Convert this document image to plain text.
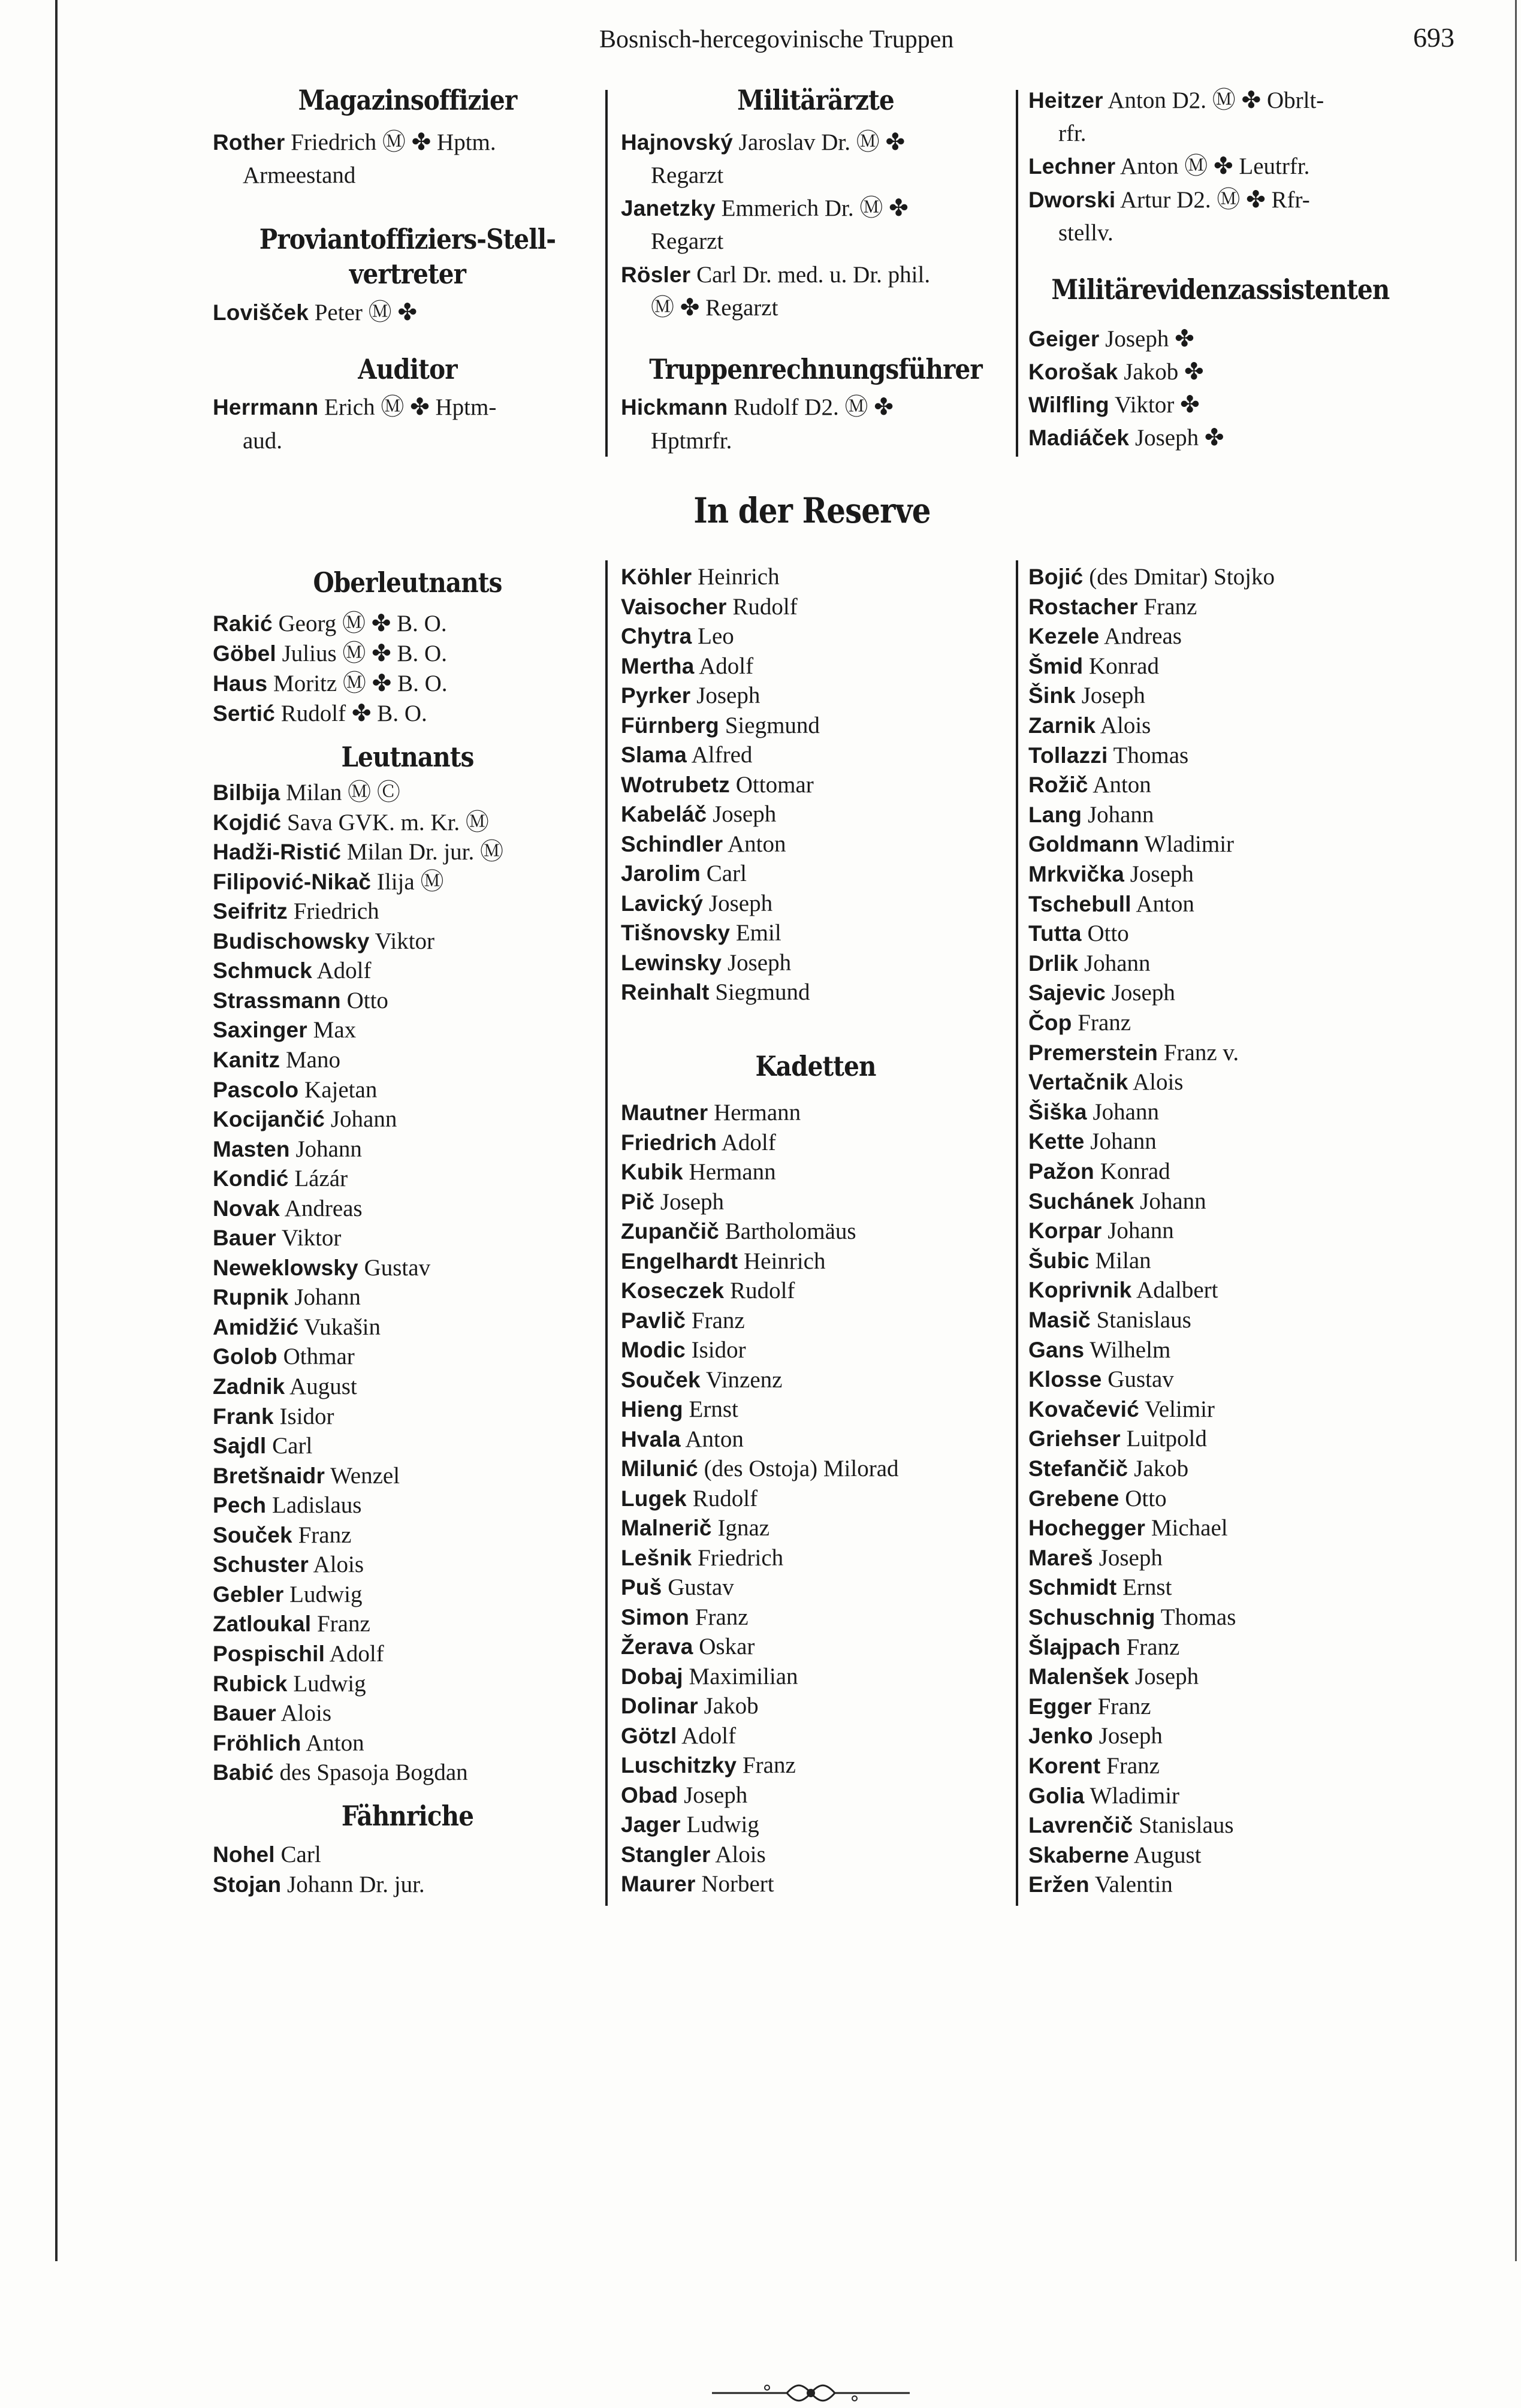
Bosnisch-hercegovinische Truppen	693
Magazinsoffizier
Rother Friedrich Ⓜ ✤ Hptm.
Armeestand
Proviantoffiziers-Stell-
vertreter
Lovišček Peter Ⓜ ✤
Auditor
Herrmann Erich Ⓜ ✤ Hptm-
aud.
Militärärzte
Hajnovský Jaroslav Dr. Ⓜ ✤
Regarzt
Janetzky Emmerich Dr. Ⓜ ✤
Regarzt
Rösler Carl Dr. med. u. Dr. phil.
Ⓜ ✤ Regarzt
Truppenrechnungsführer
Hickmann Rudolf D2. Ⓜ ✤
Hptmrfr.
Heitzer Anton D2. Ⓜ ✤ Obrlt-
rfr.
Lechner Anton Ⓜ ✤ Leutrfr.
Dworski Artur D2. Ⓜ ✤ Rfr-
stellv.
Militärevidenzassistenten
Geiger Joseph ✤
Korošak Jakob ✤
Wilfling Viktor ✤
Madiáček Joseph ✤
In der Reserve
Oberleutnants
Rakić Georg Ⓜ ✤ B. O.
Göbel Julius Ⓜ ✤ B. O.
Haus Moritz Ⓜ ✤ B. O.
Sertić Rudolf ✤ B. O.
Leutnants
Bilbija Milan Ⓜ Ⓒ
Kojdić Sava GVK. m. Kr. Ⓜ
Hadži-Ristić Milan Dr. jur. Ⓜ
Filipović-Nikač Ilija Ⓜ
Seifritz Friedrich
Budischowsky Viktor
Schmuck Adolf
Strassmann Otto
Saxinger Max
Kanitz Mano
Pascolo Kajetan
Kocijančić Johann
Masten Johann
Kondić Lázár
Novak Andreas
Bauer Viktor
Neweklowsky Gustav
Rupnik Johann
Amidžić Vukašin
Golob Othmar
Zadnik August
Frank Isidor
Sajdl Carl
Bretšnaidr Wenzel
Pech Ladislaus
Souček Franz
Schuster Alois
Gebler Ludwig
Zatloukal Franz
Pospischil Adolf
Rubick Ludwig
Bauer Alois
Fröhlich Anton
Babić des Spasoja Bogdan
Fähnriche
Nohel Carl
Stojan Johann Dr. jur.
Köhler Heinrich
Vaisocher Rudolf
Chytra Leo
Mertha Adolf
Pyrker Joseph
Fürnberg Siegmund
Slama Alfred
Wotrubetz Ottomar
Kabeláč Joseph
Schindler Anton
Jarolim Carl
Lavický Joseph
Tišnovsky Emil
Lewinsky Joseph
Reinhalt Siegmund
Kadetten
Mautner Hermann
Friedrich Adolf
Kubik Hermann
Pič Joseph
Zupančič Bartholomäus
Engelhardt Heinrich
Koseczek Rudolf
Pavlič Franz
Modic Isidor
Souček Vinzenz
Hieng Ernst
Hvala Anton
Milunić (des Ostoja) Milorad
Lugek Rudolf
Malnerič Ignaz
Lešnik Friedrich
Puš Gustav
Simon Franz
Žerava Oskar
Dobaj Maximilian
Dolinar Jakob
Götzl Adolf
Luschitzky Franz
Obad Joseph
Jager Ludwig
Stangler Alois
Maurer Norbert
Bojić (des Dmitar) Stojko
Rostacher Franz
Kezele Andreas
Šmid Konrad
Šink Joseph
Zarnik Alois
Tollazzi Thomas
Rožič Anton
Lang Johann
Goldmann Wladimir
Mrkvička Joseph
Tschebull Anton
Tutta Otto
Drlik Johann
Sajevic Joseph
Čop Franz
Premerstein Franz v.
Vertačnik Alois
Šiška Johann
Kette Johann
Pažon Konrad
Suchánek Johann
Korpar Johann
Šubic Milan
Koprivnik Adalbert
Masič Stanislaus
Gans Wilhelm
Klosse Gustav
Kovačević Velimir
Griehser Luitpold
Stefančič Jakob
Grebene Otto
Hochegger Michael
Mareš Joseph
Schmidt Ernst
Schuschnig Thomas
Šlajpach Franz
Malenšek Joseph
Egger Franz
Jenko Joseph
Korent Franz
Golia Wladimir
Lavrenčič Stanislaus
Skaberne August
Eržen Valentin
